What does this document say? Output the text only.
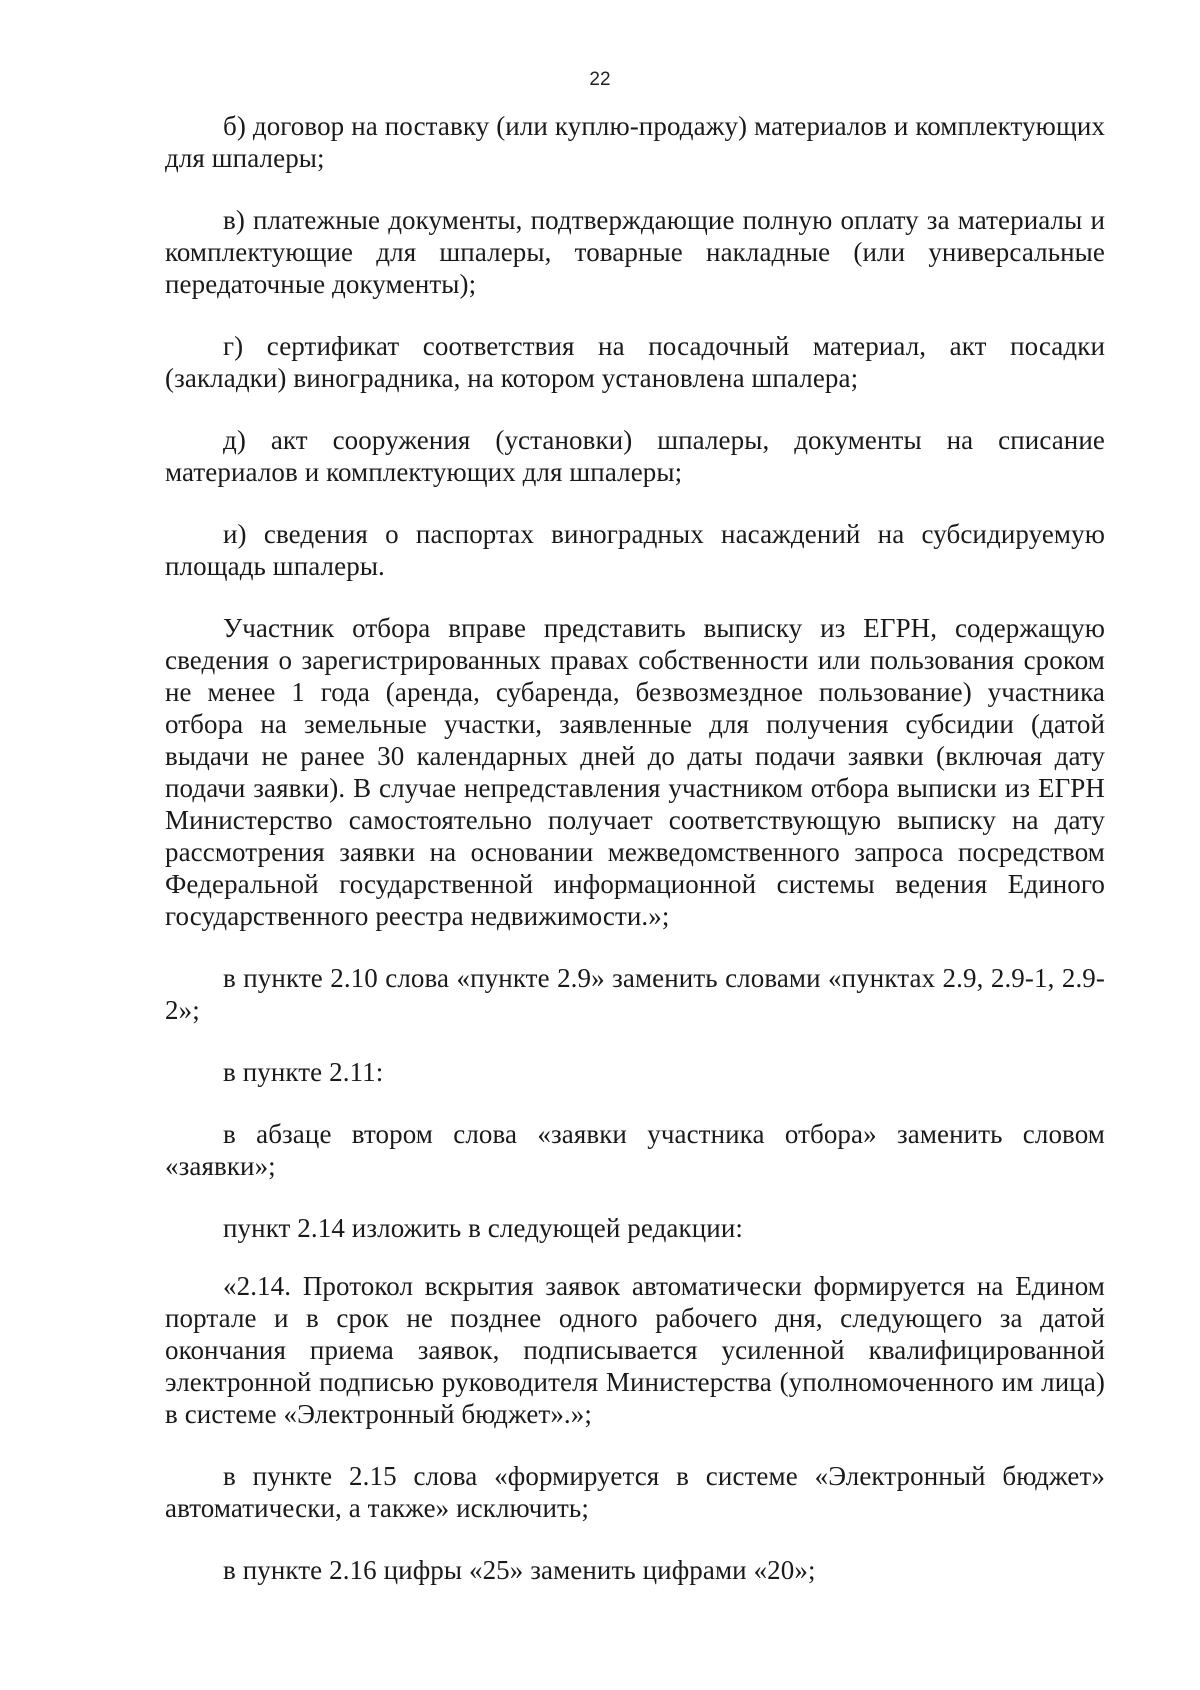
22

б) договор на поставку (или куплю-продажу) материалов и комплектующих для шпалеры;

в) платежные документы, подтверждающие полную оплату за материалы и комплектующие для шпалеры, товарные накладные (или универсальные передаточные документы);

г) сертификат соответствия на посадочный материал, акт посадки (закладки) виноградника, на котором установлена шпалера;

д) акт сооружения (установки) шпалеры, документы на списание материалов и комплектующих для шпалеры;

и) сведения о паспортах виноградных насаждений на субсидируемую площадь шпалеры.

Участник отбора вправе представить выписку из ЕГРН, содержащую сведения о зарегистрированных правах собственности или пользования сроком не менее 1 года (аренда, субаренда, безвозмездное пользование) участника отбора на земельные участки, заявленные для получения субсидии (датой выдачи не ранее 30 календарных дней до даты подачи заявки (включая дату подачи заявки). В случае непредставления участником отбора выписки из ЕГРН Министерство самостоятельно получает соответствующую выписку на дату рассмотрения заявки на основании межведомственного запроса посредством Федеральной государственной информационной системы ведения Единого государственного реестра недвижимости.»;

в пункте 2.10 слова «пункте 2.9» заменить словами «пунктах 2.9, 2.9-1, 2.9-2»;

в пункте 2.11:

в абзаце втором слова «заявки участника отбора» заменить словом «заявки»;

пункт 2.14 изложить в следующей редакции:

«2.14. Протокол вскрытия заявок автоматически формируется на Едином портале и в срок не позднее одного рабочего дня, следующего за датой окончания приема заявок, подписывается усиленной квалифицированной электронной подписью руководителя Министерства (уполномоченного им лица) в системе «Электронный бюджет».»;

в пункте 2.15 слова «формируется в системе «Электронный бюджет» автоматически, а также» исключить;

в пункте 2.16 цифры «25» заменить цифрами «20»;
